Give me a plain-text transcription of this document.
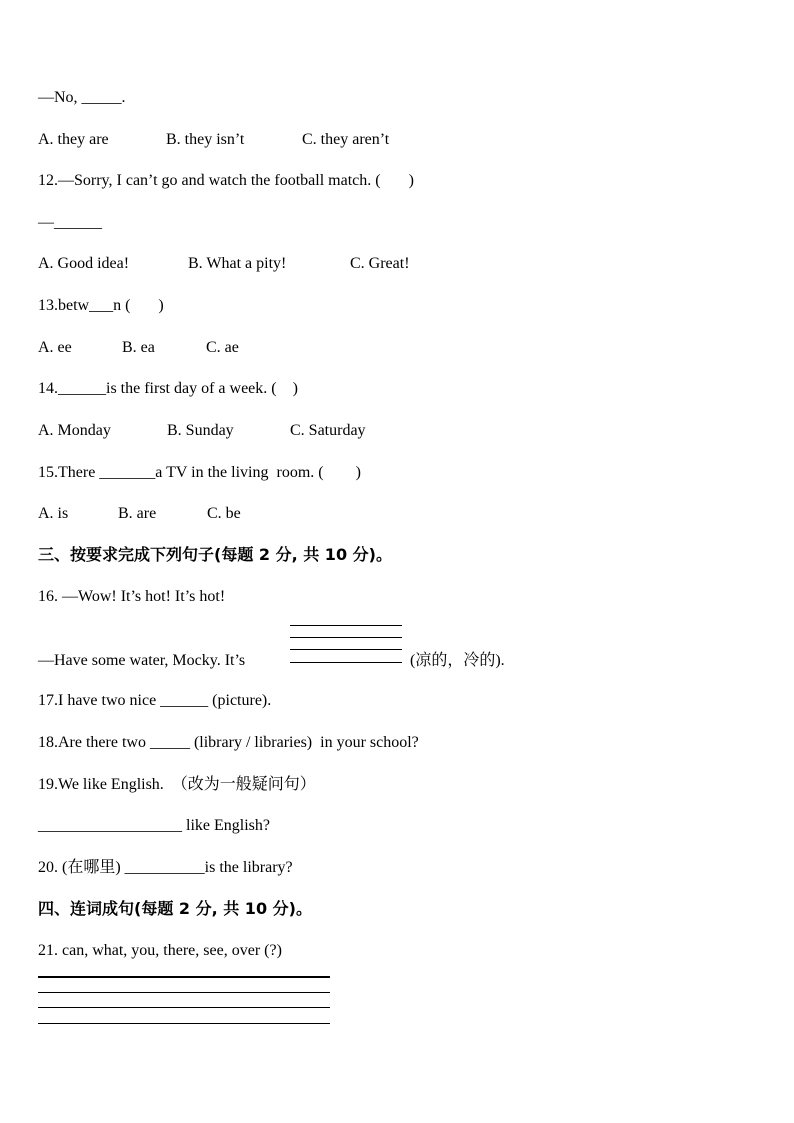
—No, _____.
A. they are	B. they isn’t	C. they aren’t
12.—Sorry, I can’t go and watch the football match. (       )
—______
A. Good idea!	B. What a pity!	C. Great!
13.betw___n (       )
A. ee	B. ea	C. ae
14.______is the first day of a week. (    )
A. Monday	B. Sunday	C. Saturday
15.There _______a TV in the living  room. (        )
A. is	B. are	C. be
三、按要求完成下列句子(每题 2 分, 共 10 分)。
16. —Wow! It’s hot! It’s hot!
—Have some water, Mocky. It’s	(凉的，冷的).
17.I have two nice ______ (picture).
18.Are there two _____ (library / libraries)  in your school?
19.We like English.  （改为一般疑问句）
__________________ like English?
20. (在哪里) __________is the library?
四、连词成句(每题 2 分, 共 10 分)。
21. can, what, you, there, see, over (?)
